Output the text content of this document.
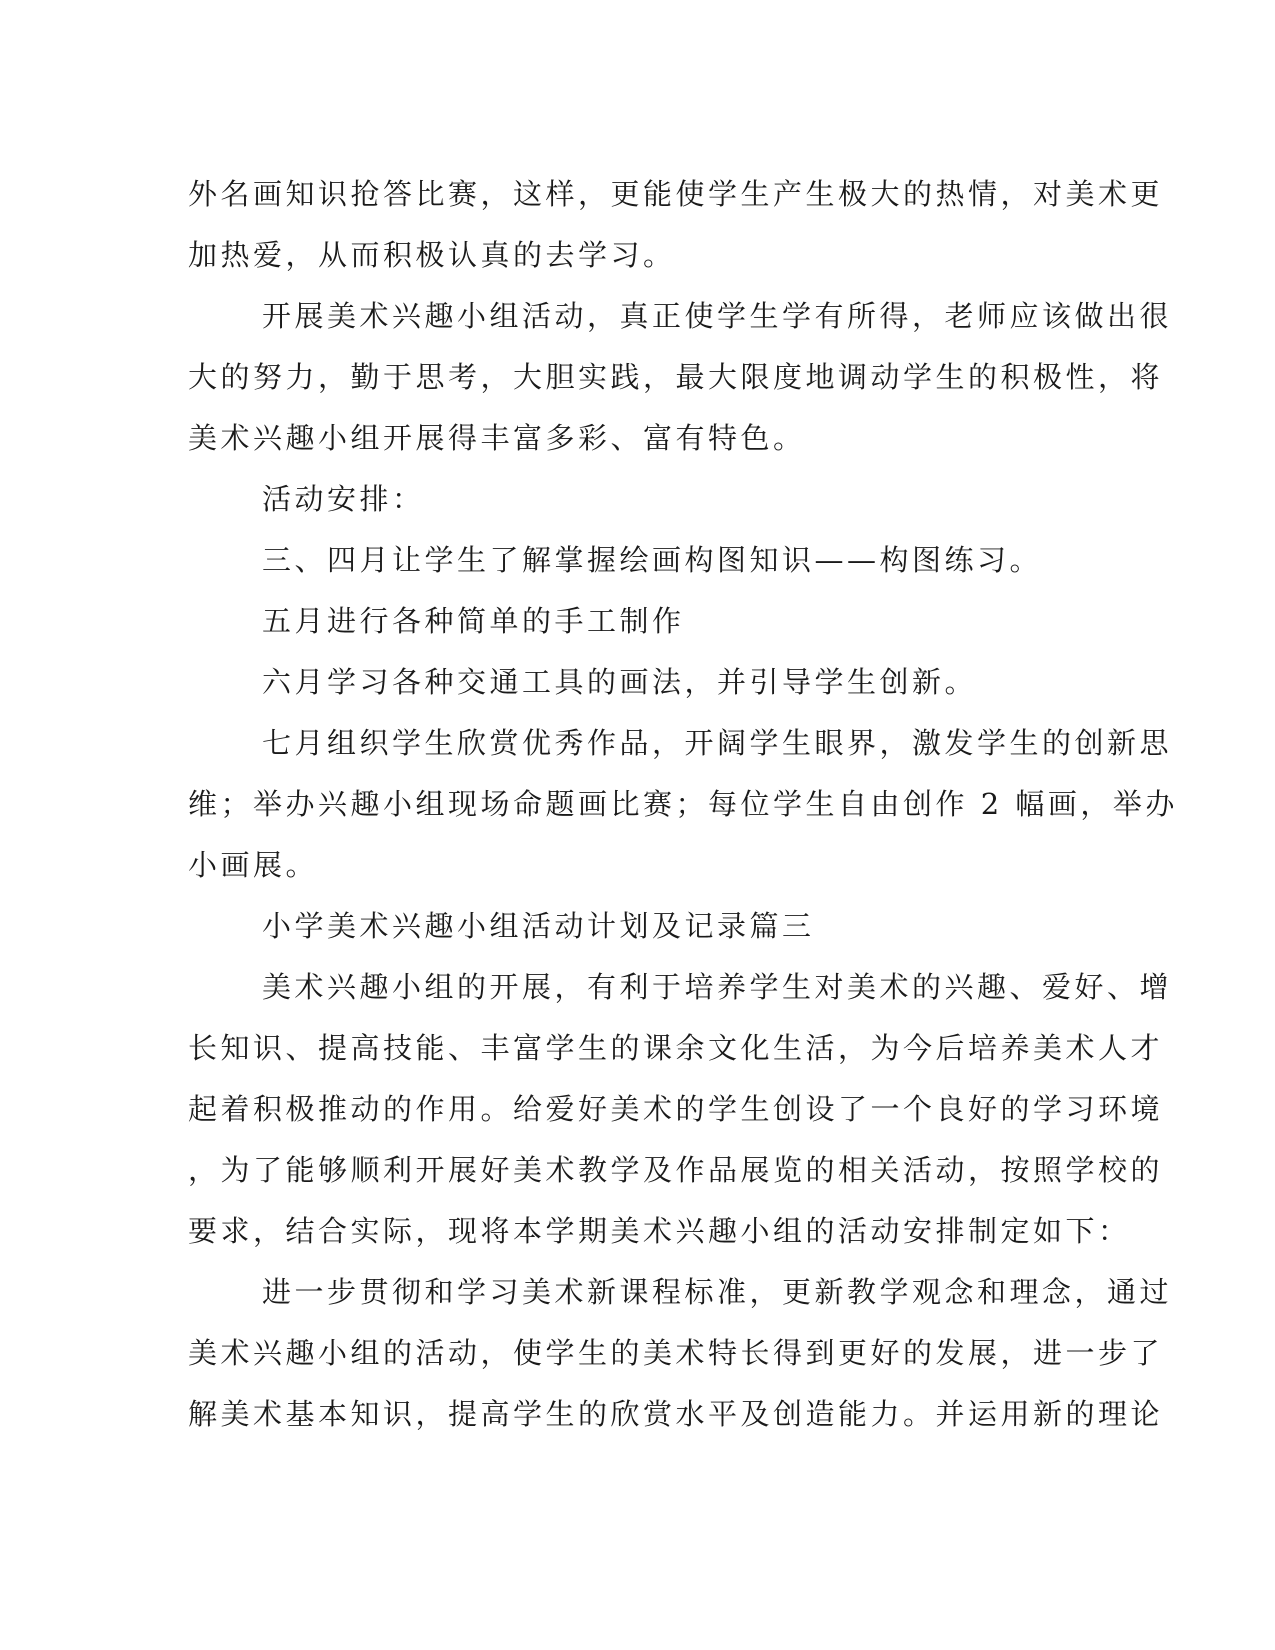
外名画知识抢答比赛，这样，更能使学生产生极大的热情，对美术更
加热爱，从而积极认真的去学习。
开展美术兴趣小组活动，真正使学生学有所得，老师应该做出很
大的努力，勤于思考，大胆实践，最大限度地调动学生的积极性，将
美术兴趣小组开展得丰富多彩、富有特色。
活动安排：
三、四月让学生了解掌握绘画构图知识——构图练习。
五月进行各种简单的手工制作
六月学习各种交通工具的画法，并引导学生创新。
七月组织学生欣赏优秀作品，开阔学生眼界，激发学生的创新思
维；举办兴趣小组现场命题画比赛；每位学生自由创作 2 幅画，举办
小画展。
小学美术兴趣小组活动计划及记录篇三
美术兴趣小组的开展，有利于培养学生对美术的兴趣、爱好、增
长知识、提高技能、丰富学生的课余文化生活，为今后培养美术人才
起着积极推动的作用。给爱好美术的学生创设了一个良好的学习环境
，为了能够顺利开展好美术教学及作品展览的相关活动，按照学校的
要求，结合实际，现将本学期美术兴趣小组的活动安排制定如下：
进一步贯彻和学习美术新课程标准，更新教学观念和理念，通过
美术兴趣小组的活动，使学生的美术特长得到更好的发展，进一步了
解美术基本知识，提高学生的欣赏水平及创造能力。并运用新的理论
